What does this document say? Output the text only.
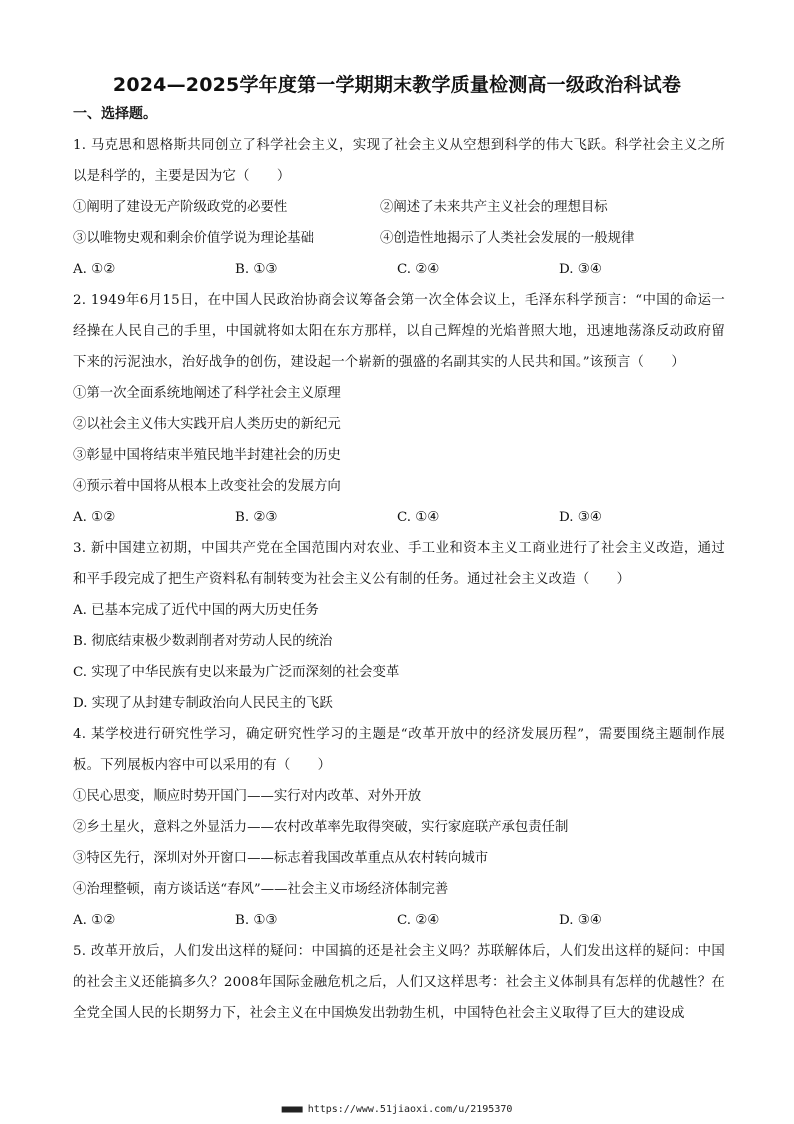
2024—2025学年度第一学期期末教学质量检测高一级政治科试卷
一、选择题。
1. 马克思和恩格斯共同创立了科学社会主义，实现了社会主义从空想到科学的伟大飞跃。科学社会主义之所以是科学的，主要是因为它（　　）
①阐明了建设无产阶级政党的必要性	②阐述了未来共产主义社会的理想目标
③以唯物史观和剩余价值学说为理论基础	④创造性地揭示了人类社会发展的一般规律
A. ①②	B. ①③	C. ②④	D. ③④
2. 1949年6月15日，在中国人民政治协商会议筹备会第一次全体会议上，毛泽东科学预言：“中国的命运一经操在人民自己的手里，中国就将如太阳在东方那样，以自己辉煌的光焰普照大地，迅速地荡涤反动政府留下来的污泥浊水，治好战争的创伤，建设起一个崭新的强盛的名副其实的人民共和国。”该预言（　　）
①第一次全面系统地阐述了科学社会主义原理
②以社会主义伟大实践开启人类历史的新纪元
③彰显中国将结束半殖民地半封建社会的历史
④预示着中国将从根本上改变社会的发展方向
A. ①②	B. ②③	C. ①④	D. ③④
3. 新中国建立初期，中国共产党在全国范围内对农业、手工业和资本主义工商业进行了社会主义改造，通过和平手段完成了把生产资料私有制转变为社会主义公有制的任务。通过社会主义改造（　　）
A. 已基本完成了近代中国的两大历史任务
B. 彻底结束极少数剥削者对劳动人民的统治
C. 实现了中华民族有史以来最为广泛而深刻的社会变革
D. 实现了从封建专制政治向人民民主的飞跃
4. 某学校进行研究性学习，确定研究性学习的主题是“改革开放中的经济发展历程”，需要围绕主题制作展板。下列展板内容中可以采用的有（　　）
①民心思变，顺应时势开国门——实行对内改革、对外开放
②乡土星火，意料之外显活力——农村改革率先取得突破，实行家庭联产承包责任制
③特区先行，深圳对外开窗口——标志着我国改革重点从农村转向城市
④治理整顿，南方谈话送“春风”——社会主义市场经济体制完善
A. ①②	B. ①③	C. ②④	D. ③④
5. 改革开放后，人们发出这样的疑问：中国搞的还是社会主义吗？苏联解体后，人们发出这样的疑问：中国的社会主义还能搞多久？2008年国际金融危机之后，人们又这样思考：社会主义体制具有怎样的优越性？在全党全国人民的长期努力下，社会主义在中国焕发出勃勃生机，中国特色社会主义取得了巨大的建设成
■■■■ https://www.51jiaoxi.com/u/2195370
